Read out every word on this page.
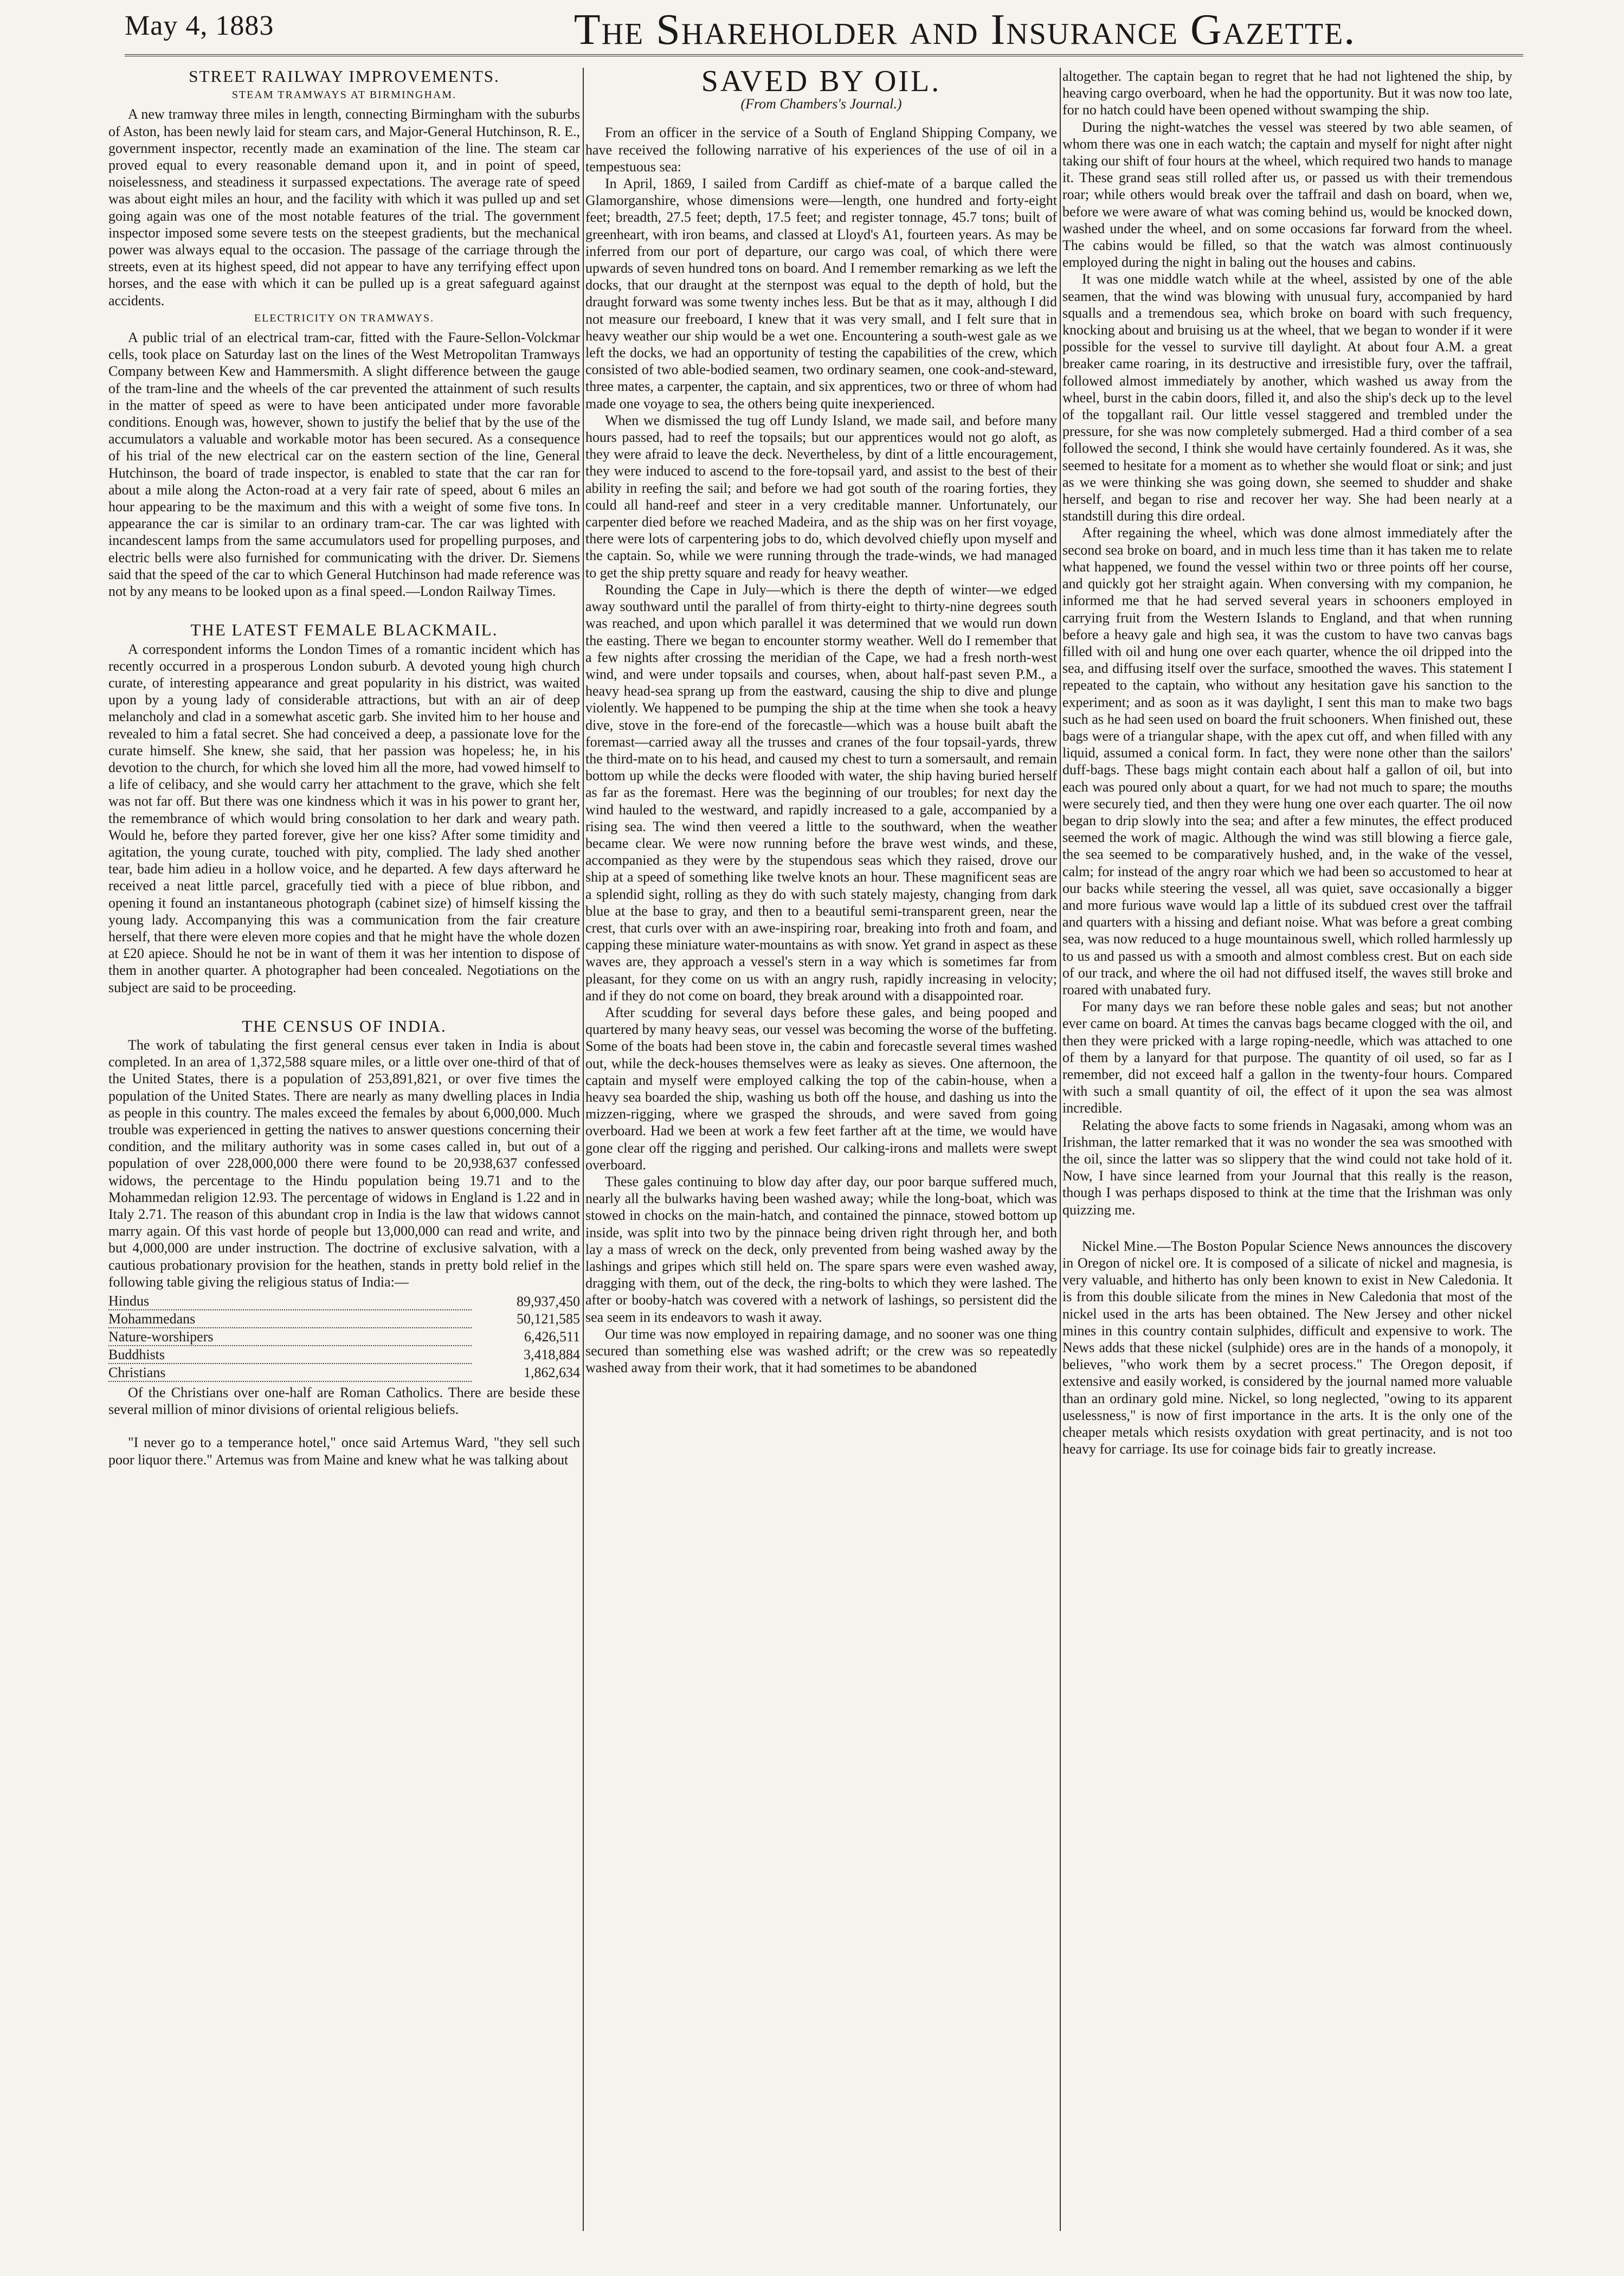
May 4, 1883	The Shareholder and Insurance Gazette.
STREET RAILWAY IMPROVEMENTS.
STEAM TRAMWAYS AT BIRMINGHAM.

A new tramway three miles in length, connecting Birmingham with the suburbs of Aston, has been newly laid for steam cars, and Major-General Hutchinson, R. E., government inspector, recently made an examination of the line. The steam car proved equal to every reasonable demand upon it, and in point of speed, noiselessness, and steadiness it surpassed expectations. The average rate of speed was about eight miles an hour, and the facility with which it was pulled up and set going again was one of the most notable features of the trial. The government inspector imposed some severe tests on the steepest gradients, but the mechanical power was always equal to the occasion. The passage of the carriage through the streets, even at its highest speed, did not appear to have any terrifying effect upon horses, and the ease with which it can be pulled up is a great safeguard against accidents.

ELECTRICITY ON TRAMWAYS.

A public trial of an electrical tram-car, fitted with the Faure-Sellon-Volckmar cells, took place on Saturday last on the lines of the West Metropolitan Tramways Company between Kew and Hammersmith. A slight difference between the gauge of the tram-line and the wheels of the car prevented the attainment of such results in the matter of speed as were to have been anticipated under more favorable conditions. Enough was, however, shown to justify the belief that by the use of the accumulators a valuable and workable motor has been secured. As a consequence of his trial of the new electrical car on the eastern section of the line, General Hutchinson, the board of trade inspector, is enabled to state that the car ran for about a mile along the Acton-road at a very fair rate of speed, about 6 miles an hour appearing to be the maximum and this with a weight of some five tons. In appearance the car is similar to an ordinary tram-car. The car was lighted with incandescent lamps from the same accumulators used for propelling purposes, and electric bells were also furnished for communicating with the driver. Dr. Siemens said that the speed of the car to which General Hutchinson had made reference was not by any means to be looked upon as a final speed.—London Railway Times.

THE LATEST FEMALE BLACKMAIL.

A correspondent informs the London Times of a romantic incident which has recently occurred in a prosperous London suburb. A devoted young high church curate, of interesting appearance and great popularity in his district, was waited upon by a young lady of considerable attractions, but with an air of deep melancholy and clad in a somewhat ascetic garb. She invited him to her house and revealed to him a fatal secret. She had conceived a deep, a passionate love for the curate himself. She knew, she said, that her passion was hopeless; he, in his devotion to the church, for which she loved him all the more, had vowed himself to a life of celibacy, and she would carry her attachment to the grave, which she felt was not far off. But there was one kindness which it was in his power to grant her, the remembrance of which would bring consolation to her dark and weary path. Would he, before they parted forever, give her one kiss? After some timidity and agitation, the young curate, touched with pity, complied. The lady shed another tear, bade him adieu in a hollow voice, and he departed. A few days afterward he received a neat little parcel, gracefully tied with a piece of blue ribbon, and opening it found an instantaneous photograph (cabinet size) of himself kissing the young lady. Accompanying this was a communication from the fair creature herself, that there were eleven more copies and that he might have the whole dozen at £20 apiece. Should he not be in want of them it was her intention to dispose of them in another quarter. A photographer had been concealed. Negotiations on the subject are said to be proceeding.

THE CENSUS OF INDIA.

The work of tabulating the first general census ever taken in India is about completed. In an area of 1,372,588 square miles, or a little over one-third of that of the United States, there is a population of 253,891,821, or over five times the population of the United States. There are nearly as many dwelling places in India as people in this country. The males exceed the females by about 6,000,000. Much trouble was experienced in getting the natives to answer questions concerning their condition, and the military authority was in some cases called in, but out of a population of over 228,000,000 there were found to be 20,938,637 confessed widows, the percentage to the Hindu population being 19.71 and to the Mohammedan religion 12.93. The percentage of widows in England is 1.22 and in Italy 2.71. The reason of this abundant crop in India is the law that widows cannot marry again. Of this vast horde of people but 13,000,000 can read and write, and but 4,000,000 are under instruction. The doctrine of exclusive salvation, with a cautious probationary provision for the heathen, stands in pretty bold relief in the following table giving the religious status of India:—

Hindus	89,937,450
Mohammedans	50,121,585
Nature-worshipers	6,426,511
Buddhists	3,418,884
Christians	1,862,634

Of the Christians over one-half are Roman Catholics. There are beside these several million of minor divisions of oriental religious beliefs.

"I never go to a temperance hotel," once said Artemus Ward, "they sell such poor liquor there." Artemus was from Maine and knew what he was talking about

SAVED BY OIL.
(From Chambers's Journal.)

From an officer in the service of a South of England Shipping Company, we have received the following narrative of his experiences of the use of oil in a tempestuous sea:

In April, 1869, I sailed from Cardiff as chief-mate of a barque called the Glamorganshire, whose dimensions were—length, one hundred and forty-eight feet; breadth, 27.5 feet; depth, 17.5 feet; and register tonnage, 45.7 tons; built of greenheart, with iron beams, and classed at Lloyd's A1, fourteen years. As may be inferred from our port of departure, our cargo was coal, of which there were upwards of seven hundred tons on board. And I remember remarking as we left the docks, that our draught at the sternpost was equal to the depth of hold, but the draught forward was some twenty inches less. But be that as it may, although I did not measure our freeboard, I knew that it was very small, and I felt sure that in heavy weather our ship would be a wet one. Encountering a south-west gale as we left the docks, we had an opportunity of testing the capabilities of the crew, which consisted of two able-bodied seamen, two ordinary seamen, one cook-and-steward, three mates, a carpenter, the captain, and six apprentices, two or three of whom had made one voyage to sea, the others being quite inexperienced.

When we dismissed the tug off Lundy Island, we made sail, and before many hours passed, had to reef the topsails; but our apprentices would not go aloft, as they were afraid to leave the deck. Nevertheless, by dint of a little encouragement, they were induced to ascend to the fore-topsail yard, and assist to the best of their ability in reefing the sail; and before we had got south of the roaring forties, they could all hand-reef and steer in a very creditable manner. Unfortunately, our carpenter died before we reached Madeira, and as the ship was on her first voyage, there were lots of carpentering jobs to do, which devolved chiefly upon myself and the captain. So, while we were running through the trade-winds, we had managed to get the ship pretty square and ready for heavy weather.

Rounding the Cape in July—which is there the depth of winter—we edged away southward until the parallel of from thirty-eight to thirty-nine degrees south was reached, and upon which parallel it was determined that we would run down the easting. There we began to encounter stormy weather. Well do I remember that a few nights after crossing the meridian of the Cape, we had a fresh north-west wind, and were under topsails and courses, when, about half-past seven P.M., a heavy head-sea sprang up from the eastward, causing the ship to dive and plunge violently. We happened to be pumping the ship at the time when she took a heavy dive, stove in the fore-end of the forecastle—which was a house built abaft the foremast—carried away all the trusses and cranes of the four topsail-yards, threw the third-mate on to his head, and caused my chest to turn a somersault, and remain bottom up while the decks were flooded with water, the ship having buried herself as far as the foremast. Here was the beginning of our troubles; for next day the wind hauled to the westward, and rapidly increased to a gale, accompanied by a rising sea. The wind then veered a little to the southward, when the weather became clear. We were now running before the brave west winds, and these, accompanied as they were by the stupendous seas which they raised, drove our ship at a speed of something like twelve knots an hour. These magnificent seas are a splendid sight, rolling as they do with such stately majesty, changing from dark blue at the base to gray, and then to a beautiful semi-transparent green, near the crest, that curls over with an awe-inspiring roar, breaking into froth and foam, and capping these miniature water-mountains as with snow. Yet grand in aspect as these waves are, they approach a vessel's stern in a way which is sometimes far from pleasant, for they come on us with an angry rush, rapidly increasing in velocity; and if they do not come on board, they break around with a disappointed roar.

After scudding for several days before these gales, and being pooped and quartered by many heavy seas, our vessel was becoming the worse of the buffeting. Some of the boats had been stove in, the cabin and forecastle several times washed out, while the deck-houses themselves were as leaky as sieves. One afternoon, the captain and myself were employed calking the top of the cabin-house, when a heavy sea boarded the ship, washing us both off the house, and dashing us into the mizzen-rigging, where we grasped the shrouds, and were saved from going overboard. Had we been at work a few feet farther aft at the time, we would have gone clear off the rigging and perished. Our calking-irons and mallets were swept overboard.

These gales continuing to blow day after day, our poor barque suffered much, nearly all the bulwarks having been washed away; while the long-boat, which was stowed in chocks on the main-hatch, and contained the pinnace, stowed bottom up inside, was split into two by the pinnace being driven right through her, and both lay a mass of wreck on the deck, only prevented from being washed away by the lashings and gripes which still held on. The spare spars were even washed away, dragging with them, out of the deck, the ring-bolts to which they were lashed. The after or booby-hatch was covered with a network of lashings, so persistent did the sea seem in its endeavors to wash it away.

Our time was now employed in repairing damage, and no sooner was one thing secured than something else was washed adrift; or the crew was so repeatedly washed away from their work, that it had sometimes to be abandoned

altogether. The captain began to regret that he had not lightened the ship, by heaving cargo overboard, when he had the opportunity. But it was now too late, for no hatch could have been opened without swamping the ship.

During the night-watches the vessel was steered by two able seamen, of whom there was one in each watch; the captain and myself for night after night taking our shift of four hours at the wheel, which required two hands to manage it. These grand seas still rolled after us, or passed us with their tremendous roar; while others would break over the taffrail and dash on board, when we, before we were aware of what was coming behind us, would be knocked down, washed under the wheel, and on some occasions far forward from the wheel. The cabins would be filled, so that the watch was almost continuously employed during the night in baling out the houses and cabins.

It was one middle watch while at the wheel, assisted by one of the able seamen, that the wind was blowing with unusual fury, accompanied by hard squalls and a tremendous sea, which broke on board with such frequency, knocking about and bruising us at the wheel, that we began to wonder if it were possible for the vessel to survive till daylight. At about four A.M. a great breaker came roaring, in its destructive and irresistible fury, over the taffrail, followed almost immediately by another, which washed us away from the wheel, burst in the cabin doors, filled it, and also the ship's deck up to the level of the topgallant rail. Our little vessel staggered and trembled under the pressure, for she was now completely submerged. Had a third comber of a sea followed the second, I think she would have certainly foundered. As it was, she seemed to hesitate for a moment as to whether she would float or sink; and just as we were thinking she was going down, she seemed to shudder and shake herself, and began to rise and recover her way. She had been nearly at a standstill during this dire ordeal.

After regaining the wheel, which was done almost immediately after the second sea broke on board, and in much less time than it has taken me to relate what happened, we found the vessel within two or three points off her course, and quickly got her straight again. When conversing with my companion, he informed me that he had served several years in schooners employed in carrying fruit from the Western Islands to England, and that when running before a heavy gale and high sea, it was the custom to have two canvas bags filled with oil and hung one over each quarter, whence the oil dripped into the sea, and diffusing itself over the surface, smoothed the waves. This statement I repeated to the captain, who without any hesitation gave his sanction to the experiment; and as soon as it was daylight, I sent this man to make two bags such as he had seen used on board the fruit schooners. When finished out, these bags were of a triangular shape, with the apex cut off, and when filled with any liquid, assumed a conical form. In fact, they were none other than the sailors' duff-bags. These bags might contain each about half a gallon of oil, but into each was poured only about a quart, for we had not much to spare; the mouths were securely tied, and then they were hung one over each quarter. The oil now began to drip slowly into the sea; and after a few minutes, the effect produced seemed the work of magic. Although the wind was still blowing a fierce gale, the sea seemed to be comparatively hushed, and, in the wake of the vessel, calm; for instead of the angry roar which we had been so accustomed to hear at our backs while steering the vessel, all was quiet, save occasionally a bigger and more furious wave would lap a little of its subdued crest over the taffrail and quarters with a hissing and defiant noise. What was before a great combing sea, was now reduced to a huge mountainous swell, which rolled harmlessly up to us and passed us with a smooth and almost combless crest. But on each side of our track, and where the oil had not diffused itself, the waves still broke and roared with unabated fury.

For many days we ran before these noble gales and seas; but not another ever came on board. At times the canvas bags became clogged with the oil, and then they were pricked with a large roping-needle, which was attached to one of them by a lanyard for that purpose. The quantity of oil used, so far as I remember, did not exceed half a gallon in the twenty-four hours. Compared with such a small quantity of oil, the effect of it upon the sea was almost incredible.

Relating the above facts to some friends in Nagasaki, among whom was an Irishman, the latter remarked that it was no wonder the sea was smoothed with the oil, since the latter was so slippery that the wind could not take hold of it. Now, I have since learned from your Journal that this really is the reason, though I was perhaps disposed to think at the time that the Irishman was only quizzing me.

Nickel Mine.—The Boston Popular Science News announces the discovery in Oregon of nickel ore. It is composed of a silicate of nickel and magnesia, is very valuable, and hitherto has only been known to exist in New Caledonia. It is from this double silicate from the mines in New Caledonia that most of the nickel used in the arts has been obtained. The New Jersey and other nickel mines in this country contain sulphides, difficult and expensive to work. The News adds that these nickel (sulphide) ores are in the hands of a monopoly, it believes, "who work them by a secret process." The Oregon deposit, if extensive and easily worked, is considered by the journal named more valuable than an ordinary gold mine. Nickel, so long neglected, "owing to its apparent uselessness," is now of first importance in the arts. It is the only one of the cheaper metals which resists oxydation with great pertinacity, and is not too heavy for carriage. Its use for coinage bids fair to greatly increase.
